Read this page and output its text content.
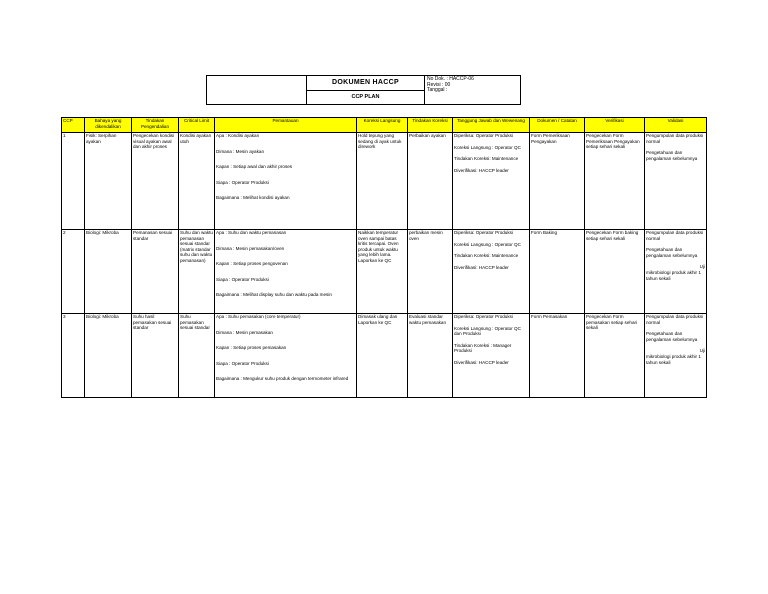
DOKUMEN HACCP
CCP PLAN
No Dok. : HACCP-06
Revisi : 00
Tanggal :
CCP	Bahaya yang dikendalikan	Tindakan Pengendalian	Critical Limit	Pemantauan	Koreksi Langsung	Tindakan Koreksi	Tanggung Jawab dan Wewenang	Dokumen / Catatan	Verifikasi	Validasi
1	Fisik: Serpihan ayakan	Pengecekan kondisi visual ayakan awal dan akhir proses	Kondisi ayakan utuh	Apa : Kondisi ayakan
Dimana : Mesin ayakan
Kapan : Setiap awal dan akhir proses
Siapa : Operator Produksi
Bagaimana : Melihat kondisi ayakan	Hold tepung yang sedang di ayak untuk dirework	Perbaikan ayakan	Diperiksa: Operator Produksi
Koreksi Langsung : Operator QC
Tindakan Koreksi: Maintenance
Diverifikasi: HACCP leader	Form Pemeriksaan Pengayakan	Pengecekan Form Pemeriksaan Pengayakan setiap sehari sekali	Pengumpulan data produksi normal
Pengetahuan dan pengalaman sebelumnya

2	Biologi: Mikroba	Pemanasan sesuai standar	Suhu dan waktu pemanasan sesuai standar (matrix standar suhu dan waktu pemanasan)	Apa : Suhu dan waktu pemanasan
Dimana : Mesin pemasakan/oven
Kapan : Setiap proses pengovenan
Siapa : Operator Produksi
Bagaimana : Melihat display suhu dan waktu pada mesin	Naikkan temperatur oven sampai batas kritis tercapai. Oven produk untuk waktu yang lebih lama. Laporkan ke QC	perbaikan mesin oven	Diperiksa: Operator Produksi
Koreksi Langsung : Operator QC
Tindakan Koreksi: Maintenance
Diverifikasi: HACCP leader	Form Baking	Pengecekan Form baking setiap sehari sekali	Pengumpulan data produksi normal
Pengetahuan dan pengalaman sebelumnya
Uji
mikrobiologi produk akhir 1 tahun sekali

3	Biologi: Mikroba	Suhu hasil pemasakan sesuai standar	Suhu pemasakan sesuai standar	Apa : Suhu pemasakan (core temperatur)
Dimana : Mesin pemasakan
Kapan : Setiap proses pemasakan
Siapa : Operator Produksi
Bagaimana : Mengukur suhu produk dengan termometer infrared	Dimasak ulang dan Laporkan ke QC	Evaluasi standar waktu pemasakan	Diperiksa: Operator Produksi
Koreksi Langsung : Operator QC dan Produksi
Tindakan Koreksi : Manager Produksi
Diverifikasi: HACCP leader	Form Pemasakan	Pengecekan Form pemasakan setiap sehari sekali	Pengumpulan data produksi normal
Pengetahuan dan pengalaman sebelumnya
Uji
mikrobiologi produk akhir 1 tahun sekali
